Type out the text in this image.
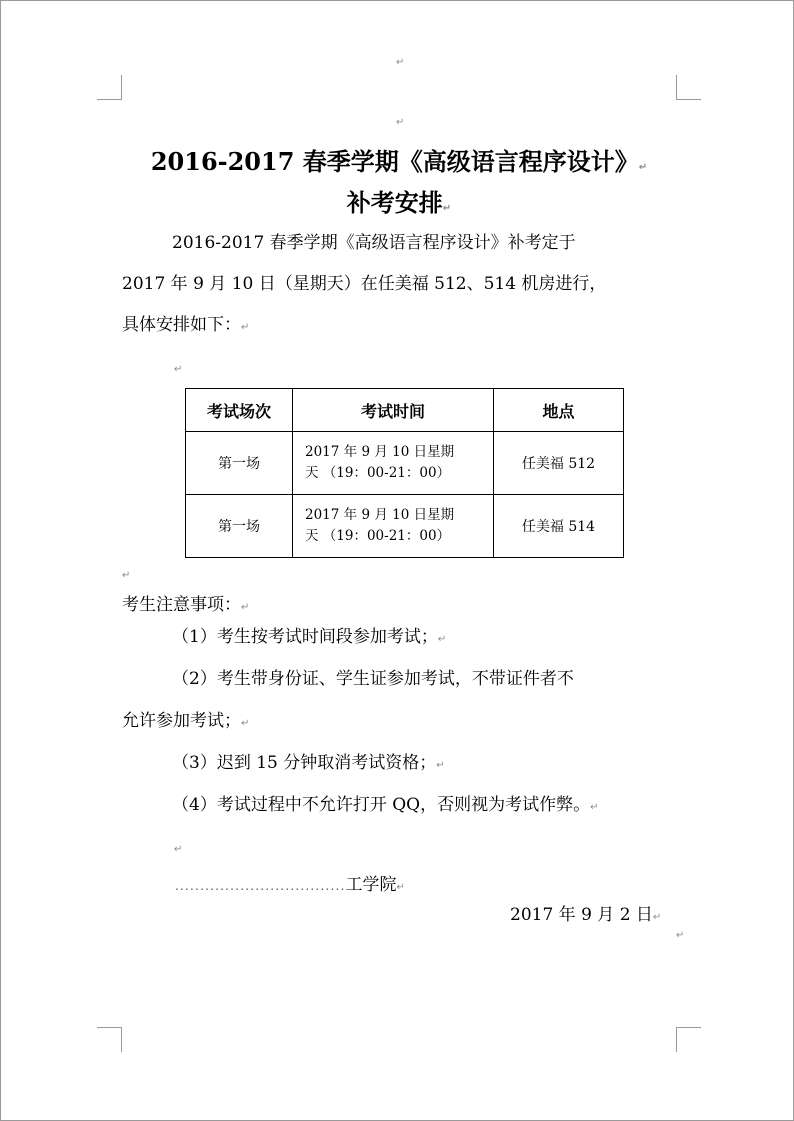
↵
↵
2016-2017 春季学期《高级语言程序设计》↵
补考安排↵
2016-2017 春季学期《高级语言程序设计》补考定于
2017 年 9 月 10 日（星期天）在任美福 512、514 机房进行，
具体安排如下：↵
↵
考试场次	考试时间	地点
第一场	2017 年 9 月 10 日星期
天 （19：00-21：00）	任美福 512
第一场	2017 年 9 月 10 日星期
天 （19：00-21：00）	任美福 514
↵
考生注意事项：↵
（1）考生按考试时间段参加考试；↵
（2）考生带身份证、学生证参加考试，不带证件者不
允许参加考试；↵
（3）迟到 15 分钟取消考试资格；↵
（4）考试过程中不允许打开 QQ，否则视为考试作弊。↵
↵
..................................工学院↵
2017 年 9 月 2 日↵
↵
